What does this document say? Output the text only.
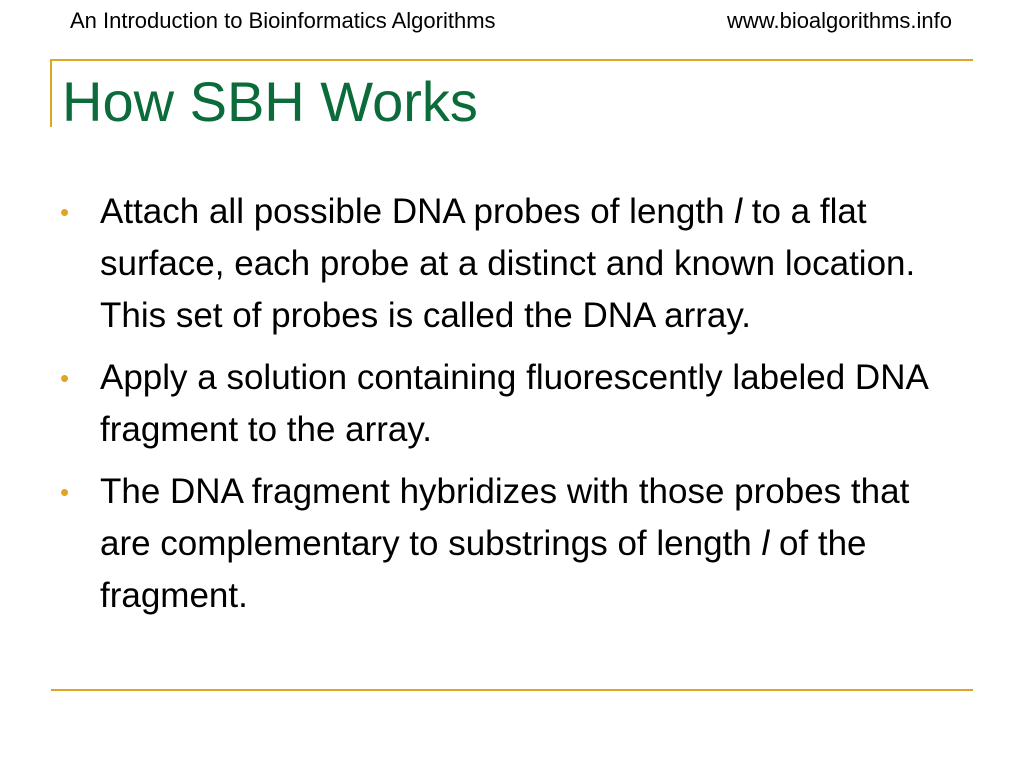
An Introduction to Bioinformatics Algorithms	www.bioalgorithms.info
How SBH Works
• Attach all possible DNA probes of length l to a flat surface, each probe at a distinct and known location. This set of probes is called the DNA array.
• Apply a solution containing fluorescently labeled DNA fragment to the array.
• The DNA fragment hybridizes with those probes that are complementary to substrings of length l of the fragment.
